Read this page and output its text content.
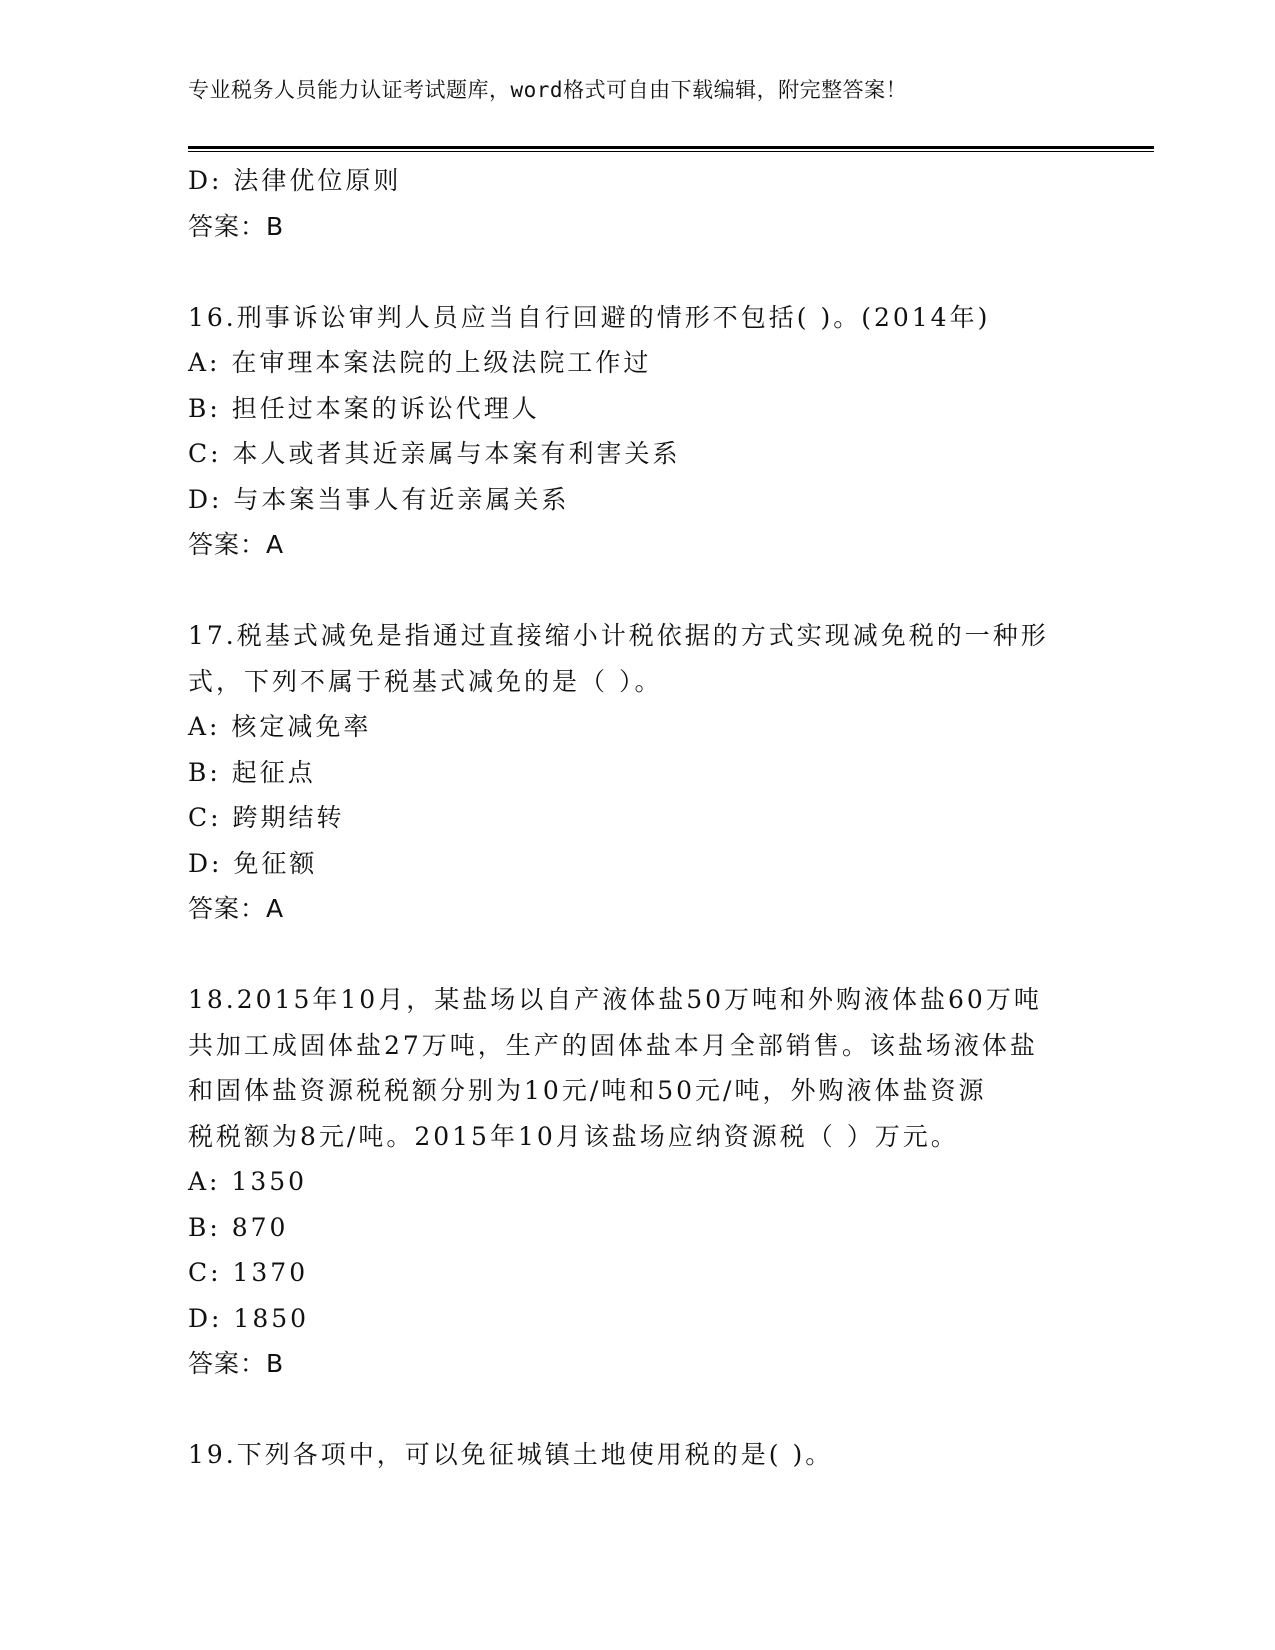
专业税务人员能力认证考试题库，word格式可自由下载编辑，附完整答案！
D: 法律优位原则
答案：B
16.刑事诉讼审判人员应当自行回避的情形不包括( )。(2014年)
A: 在审理本案法院的上级法院工作过
B: 担任过本案的诉讼代理人
C: 本人或者其近亲属与本案有利害关系
D: 与本案当事人有近亲属关系
答案：A
17.税基式减免是指通过直接缩小计税依据的方式实现减免税的一种形
式，下列不属于税基式减免的是（ ）。
A: 核定减免率
B: 起征点
C: 跨期结转
D: 免征额
答案：A
18.2015年10月，某盐场以自产液体盐50万吨和外购液体盐60万吨
共加工成固体盐27万吨，生产的固体盐本月全部销售。该盐场液体盐
和固体盐资源税税额分别为10元/吨和50元/吨，外购液体盐资源
税税额为8元/吨。2015年10月该盐场应纳资源税（ ）万元。
A: 1350
B: 870
C: 1370
D: 1850
答案：B
19.下列各项中，可以免征城镇土地使用税的是( )。
